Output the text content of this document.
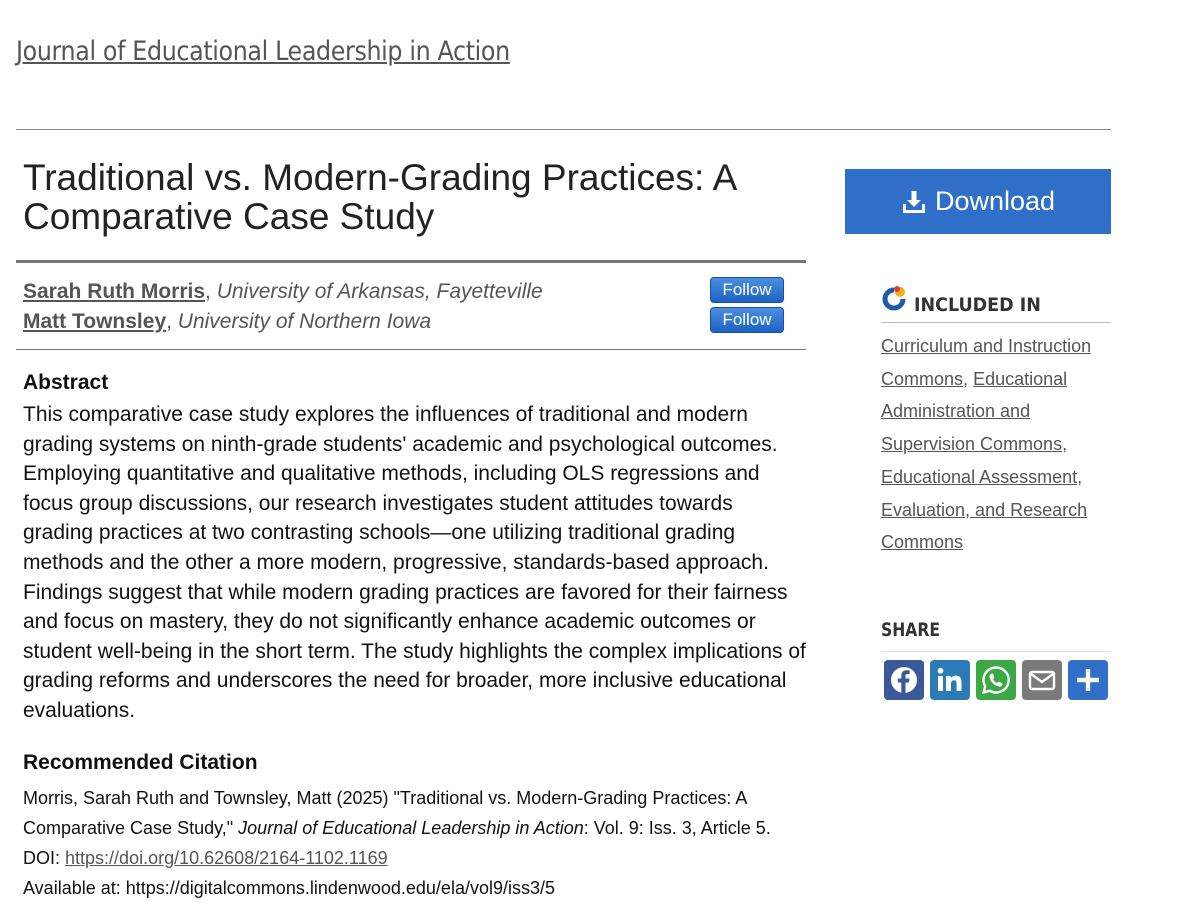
Journal of Educational Leadership in Action
Traditional vs. Modern-Grading Practices: A Comparative Case Study
Sarah Ruth Morris, University of Arkansas, Fayetteville	Follow
Matt Townsley, University of Northern Iowa	Follow
Abstract

This comparative case study explores the influences of traditional and modern grading systems on ninth-grade students' academic and psychological outcomes. Employing quantitative and qualitative methods, including OLS regressions and focus group discussions, our research investigates student attitudes towards grading practices at two contrasting schools—one utilizing traditional grading methods and the other a more modern, progressive, standards-based approach. Findings suggest that while modern grading practices are favored for their fairness and focus on mastery, they do not significantly enhance academic outcomes or student well-being in the short term. The study highlights the complex implications of grading reforms and underscores the need for broader, more inclusive educational evaluations.

Recommended Citation
Morris, Sarah Ruth and Townsley, Matt (2025) "Traditional vs. Modern-Grading Practices: A Comparative Case Study," Journal of Educational Leadership in Action: Vol. 9: Iss. 3, Article 5.
DOI: https://doi.org/10.62608/2164-1102.1169
Available at: https://digitalcommons.lindenwood.edu/ela/vol9/iss3/5
Download
INCLUDED IN
Curriculum and Instruction Commons, Educational Administration and Supervision Commons, Educational Assessment, Evaluation, and Research Commons
SHARE
